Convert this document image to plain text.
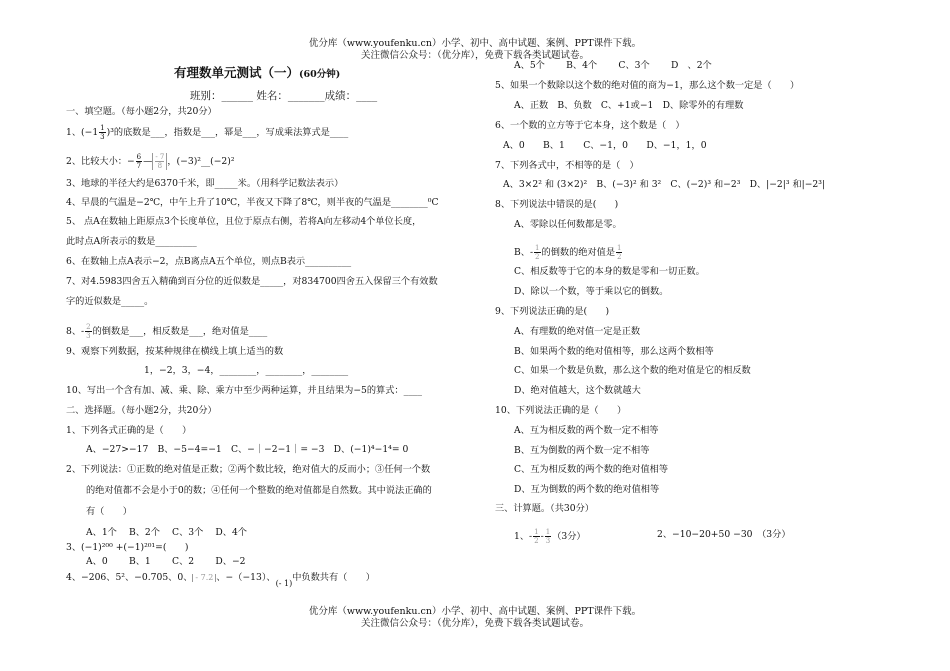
优分库（www.youfenku.cn）小学、初中、高中试题、案例、PPT课件下载。
关注微信公众号：（优分库），免费下载各类试题试卷。
有理数单元测试（一）(60分钟)
班别：______ 姓名：_______成绩：____
一、填空题。（每小题2分，共20分）
1、$(-1 \frac{1}{3} )^3$的底数是___，指数是___，幂是___，写成乘法算式是____
2、比较大小：− $\frac{6}{7}$ — $\frac{- 7}{8}$ ，(−3)²__(−2)²
3、地球的半径大约是6370千米，即_____米。（用科学记数法表示）
4、早晨的气温是−2℃，中午上升了10℃，半夜又下降了8℃，则半夜的气温是________⁰C
5、 点A在数轴上距原点3个长度单位，且位于原点右侧，若将A向左移动4个单位长度，
此时点A所表示的数是_________
6、在数轴上点A表示−2，点B离点A五个单位，则点B表示__________
7、对4.5983四舍五入精确到百分位的近似数是_____，对834700四舍五入保留三个有效数
字的近似数是_____。
8、- $\frac{2}{3}$ 的倒数是___，相反数是___，绝对值是____
9、观察下列数据，按某种规律在横线上填上适当的数
1，−2，3，−4，________，________，________
10、写出一个含有加、减、乘、除、乘方中至少两种运算，并且结果为−5的算式：____
二、选择题。（每小题2分，共20分）
1、下列各式正确的是（　　）
A、−27>−17　B、−5−4=−1　C、−｜−2−1｜= −3　D、(−1)⁴−1⁴= 0
2、下列说法：①正数的绝对值是正数；②两个数比较，绝对值大的反而小；③任何一个数
的绝对值都不会是小于0的数；④任何一个整数的绝对值都是自然数。其中说法正确的
有（　　）
A、1个　 B、2个　 C、3个　 D、4个
3、(−1)²⁰⁰ +(−1)²⁰¹=(　　)
A、0　　 B、1　　 C、2　　 D、−2
4、−206、5²、−0.705、0、 - 7.2 、−（−13）、(- 1)中负数共有（　　）
A、5个　　 B、4个　　 C、3个　　 D　、2个
5、如果一个数除以这个数的绝对值的商为−1，那么这个数一定是（　　）
A、正数　B、负数　C、+1或−1　D、除零外的有理数
6、一个数的立方等于它本身，这个数是（　）
A、0　　B、1　　C、−1，0　　D、−1，1，0
7、下列各式中，不相等的是（　）
A、3×2² 和 (3×2)²　B、(−3)² 和 3²　C、(−2)³ 和−2³　D、|−2|³ 和|−2³|
8、下列说法中错误的是(　　)
A、零除以任何数都是零。
B、- $\frac{1}{2}$ 的倒数的绝对值是 $\frac{1}{2}$
C、相反数等于它的本身的数是零和一切正数。
D、除以一个数，等于乘以它的倒数。
9、下列说法正确的是(　　)
A、有理数的绝对值一定是正数
B、如果两个数的绝对值相等，那么这两个数相等
C、如果一个数是负数，那么这个数的绝对值是它的相反数
D、绝对值越大，这个数就越大
10、下列说法正确的是（　　）
A、互为相反数的两个数一定不相等
B、互为倒数的两个数一定不相等
C、互为相反数的两个数的绝对值相等
D、互为倒数的两个数的绝对值相等
三、计算题。（共30分）
1、- $\frac{1}{2} - \frac{1}{3} (3$分）	2、−10−20+50 −30　（3分）
优分库（www.youfenku.cn）小学、初中、高中试题、案例、PPT课件下载。
关注微信公众号：（优分库），免费下载各类试题试卷。
